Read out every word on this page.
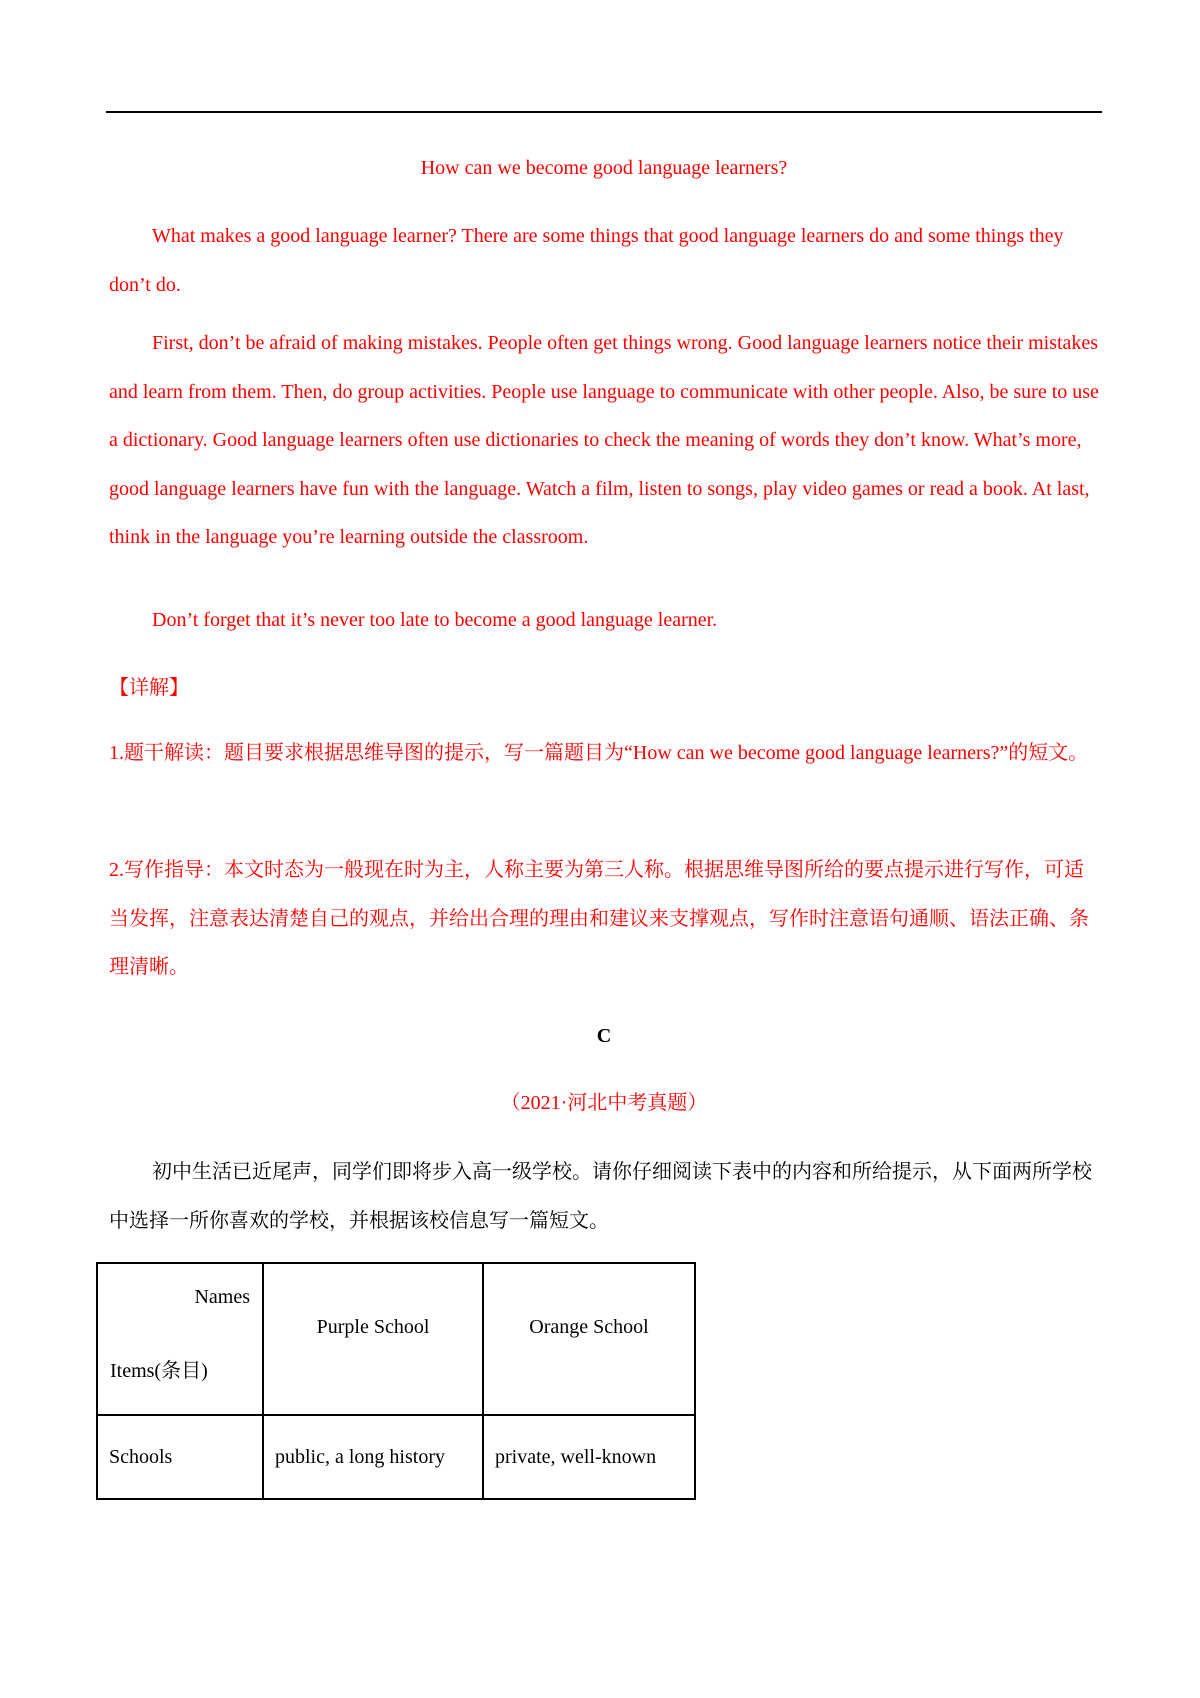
How can we become good language learners?

What makes a good language learner? There are some things that good language learners do and some things they don’t do.

First, don’t be afraid of making mistakes. People often get things wrong. Good language learners notice their mistakes and learn from them. Then, do group activities. People use language to communicate with other people. Also, be sure to use a dictionary. Good language learners often use dictionaries to check the meaning of words they don’t know. What’s more, good language learners have fun with the language. Watch a film, listen to songs, play video games or read a book. At last, think in the language you’re learning outside the classroom.

Don’t forget that it’s never too late to become a good language learner.

【详解】

1.题干解读：题目要求根据思维导图的提示，写一篇题目为“How can we become good language learners?”的短文。

2.写作指导：本文时态为一般现在时为主，人称主要为第三人称。根据思维导图所给的要点提示进行写作，可适当发挥，注意表达清楚自己的观点，并给出合理的理由和建议来支撑观点，写作时注意语句通顺、语法正确、条理清晰。

C
（2021·河北中考真题）

初中生活已近尾声，同学们即将步入高一级学校。请你仔细阅读下表中的内容和所给提示，从下面两所学校中选择一所你喜欢的学校，并根据该校信息写一篇短文。

Names
Items(条目)	Purple School	Orange School
Schools	public, a long history	private, well-known
